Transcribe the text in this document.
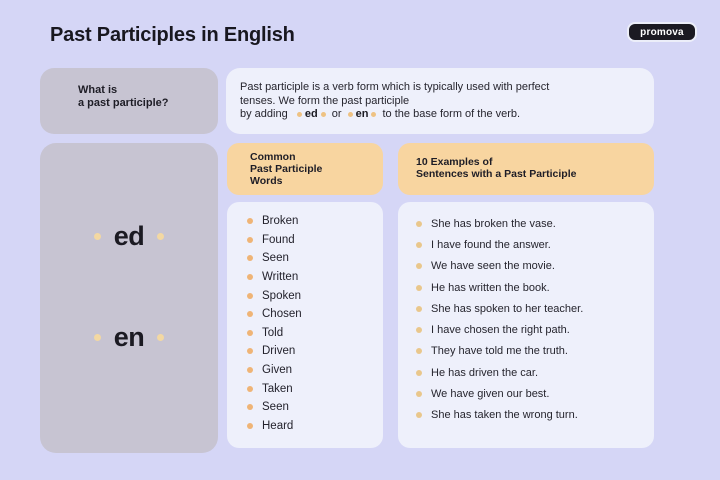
Past Participles in English	promova
What is
a past participle?
Past participle is a verb form which is typically used with perfect
tenses. We form the past participle
by adding ed or en to the base form of the verb.
ed
en
Common
Past Participle
Words
Broken
Found
Seen
Written
Spoken
Chosen
Told
Driven
Given
Taken
Seen
Heard
10 Examples of
Sentences with a Past Participle
She has broken the vase.
I have found the answer.
We have seen the movie.
He has written the book.
She has spoken to her teacher.
I have chosen the right path.
They have told me the truth.
He has driven the car.
We have given our best.
She has taken the wrong turn.
